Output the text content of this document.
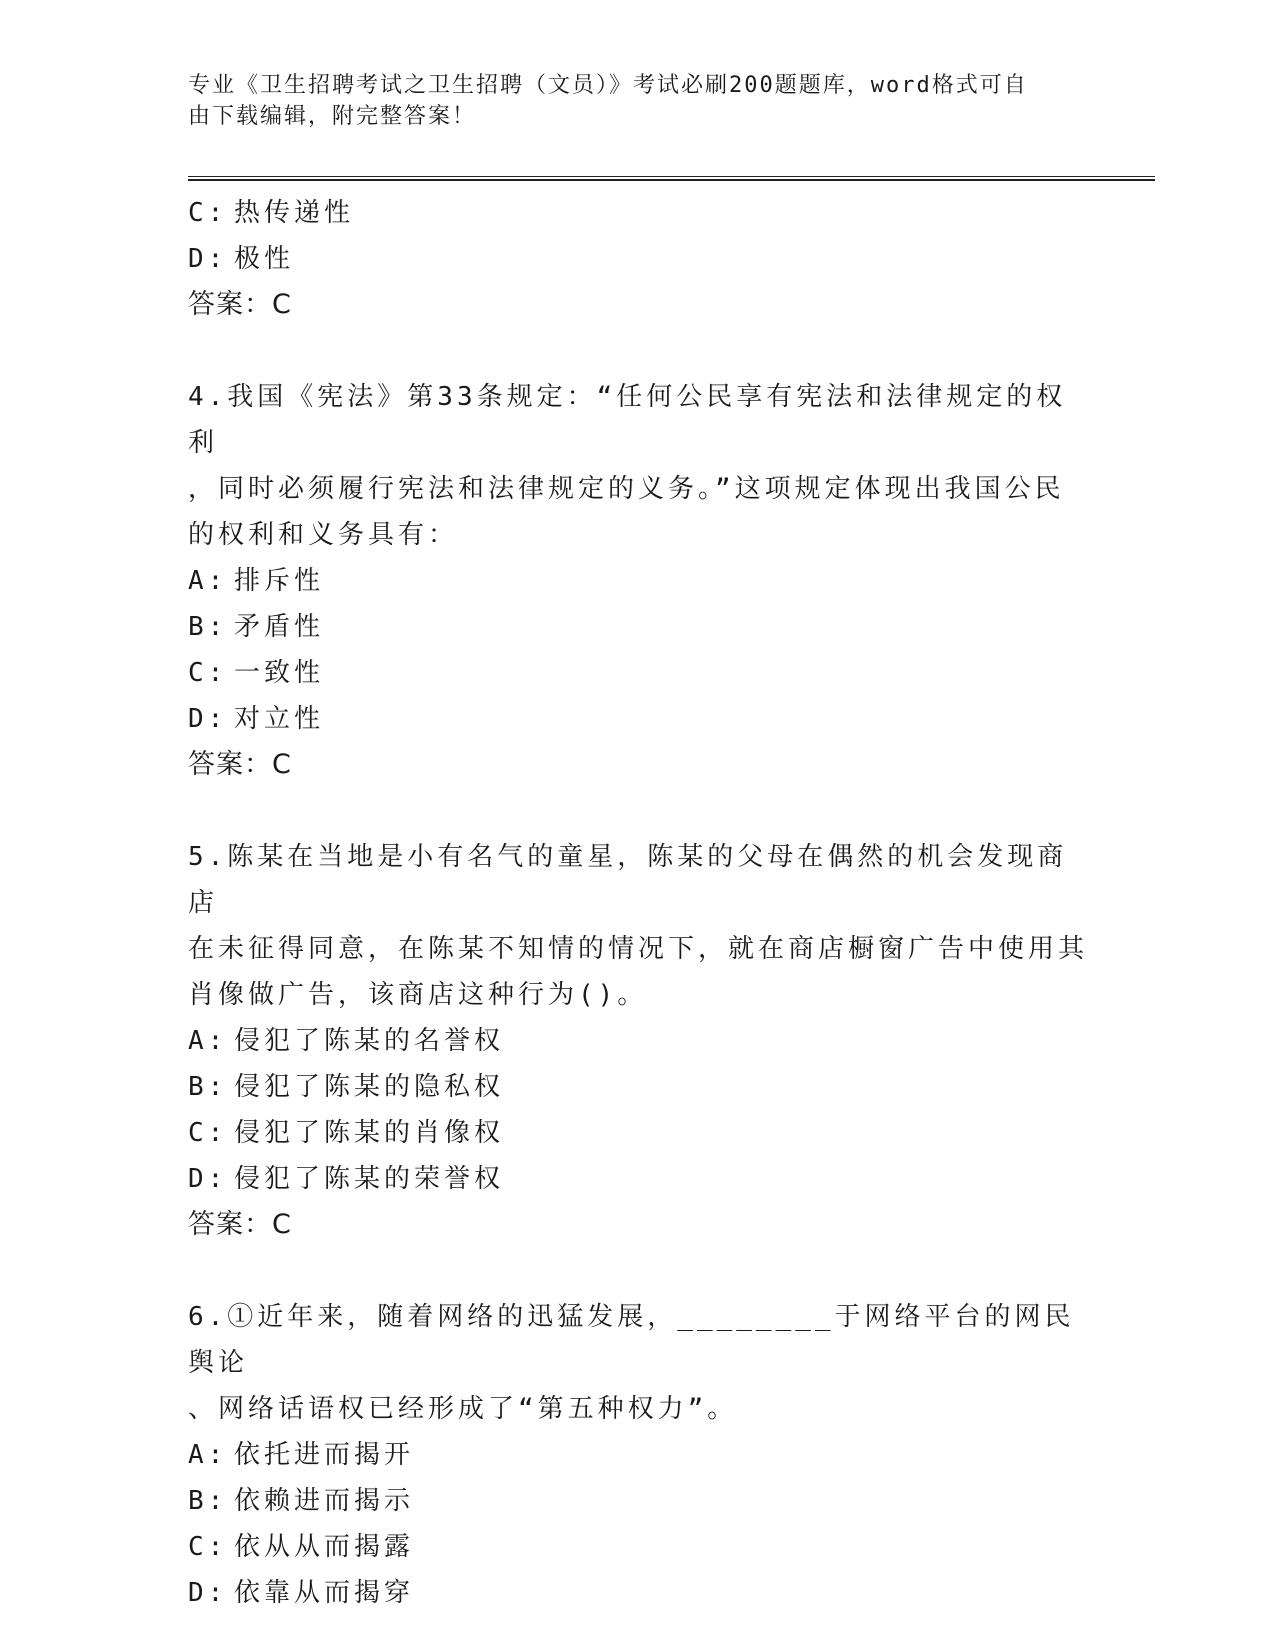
专业《卫生招聘考试之卫生招聘（文员）》考试必刷200题题库，word格式可自
由下载编辑，附完整答案！
C: 热传递性
D: 极性
答案：C
4.我国《宪法》第33条规定：“任何公民享有宪法和法律规定的权利
，同时必须履行宪法和法律规定的义务。”这项规定体现出我国公民
的权利和义务具有：
A: 排斥性
B: 矛盾性
C: 一致性
D: 对立性
答案：C
5.陈某在当地是小有名气的童星，陈某的父母在偶然的机会发现商店
在未征得同意，在陈某不知情的情况下，就在商店橱窗广告中使用其
肖像做广告，该商店这种行为()。
A: 侵犯了陈某的名誉权
B: 侵犯了陈某的隐私权
C: 侵犯了陈某的肖像权
D: 侵犯了陈某的荣誉权
答案：C
6.①近年来，随着网络的迅猛发展，________于网络平台的网民舆论
、网络话语权已经形成了“第五种权力”。
A: 依托进而揭开
B: 依赖进而揭示
C: 依从从而揭露
D: 依靠从而揭穿
